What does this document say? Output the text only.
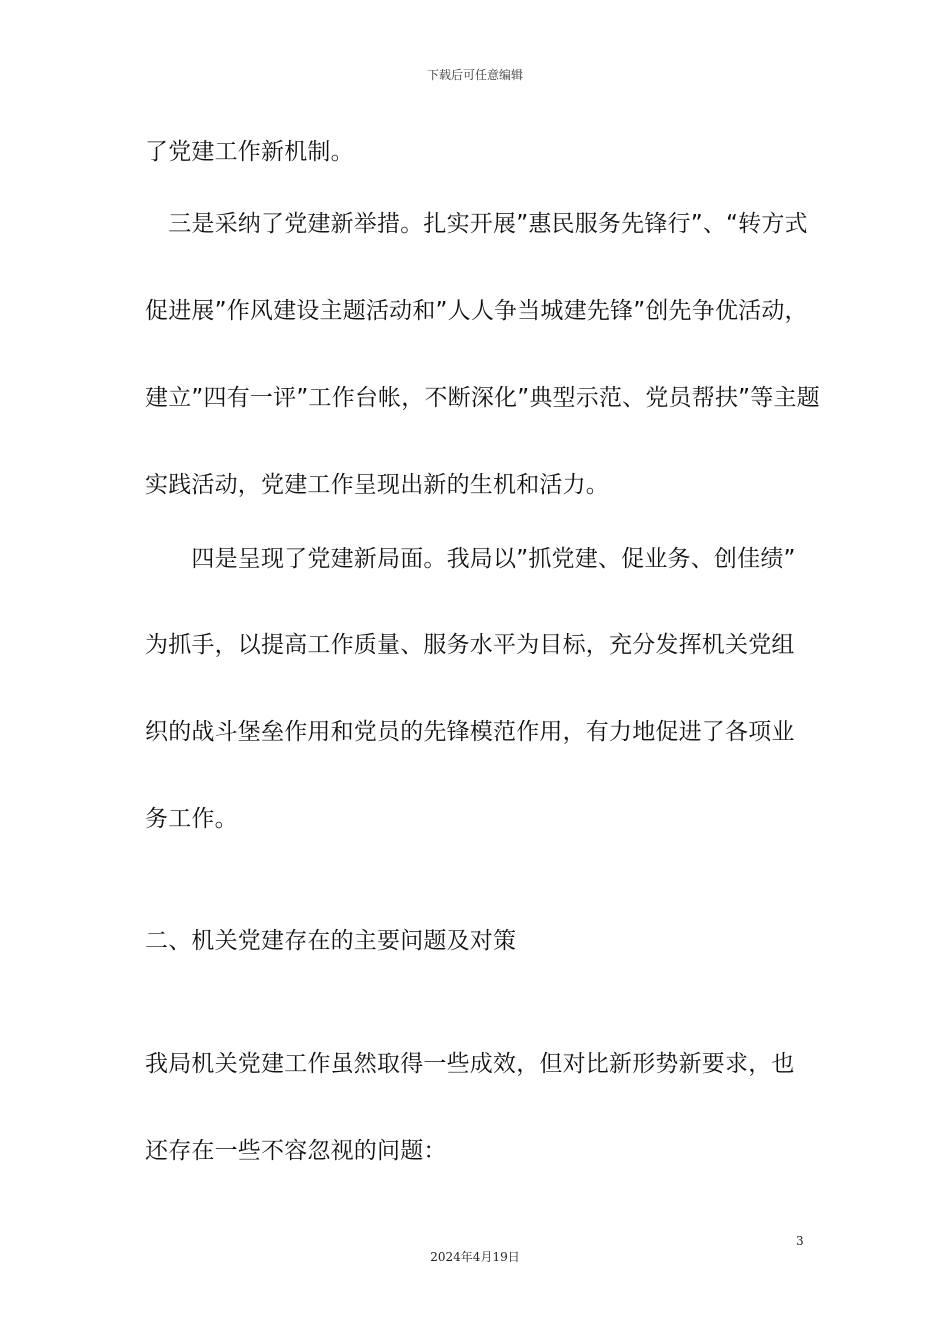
下载后可任意编辑
了党建工作新机制。
　三是采纳了党建新举措。扎实开展”惠民服务先锋行”、“转方式
促进展”作风建设主题活动和”人人争当城建先锋”创先争优活动，
建立”四有一评”工作台帐，不断深化”典型示范、党员帮扶”等主题
实践活动，党建工作呈现出新的生机和活力。
　　四是呈现了党建新局面。我局以”抓党建、促业务、创佳绩”
为抓手，以提高工作质量、服务水平为目标，充分发挥机关党组
织的战斗堡垒作用和党员的先锋模范作用，有力地促进了各项业
务工作。
二、机关党建存在的主要问题及对策
我局机关党建工作虽然取得一些成效，但对比新形势新要求，也
还存在一些不容忽视的问题：
3
2024年4月19日
